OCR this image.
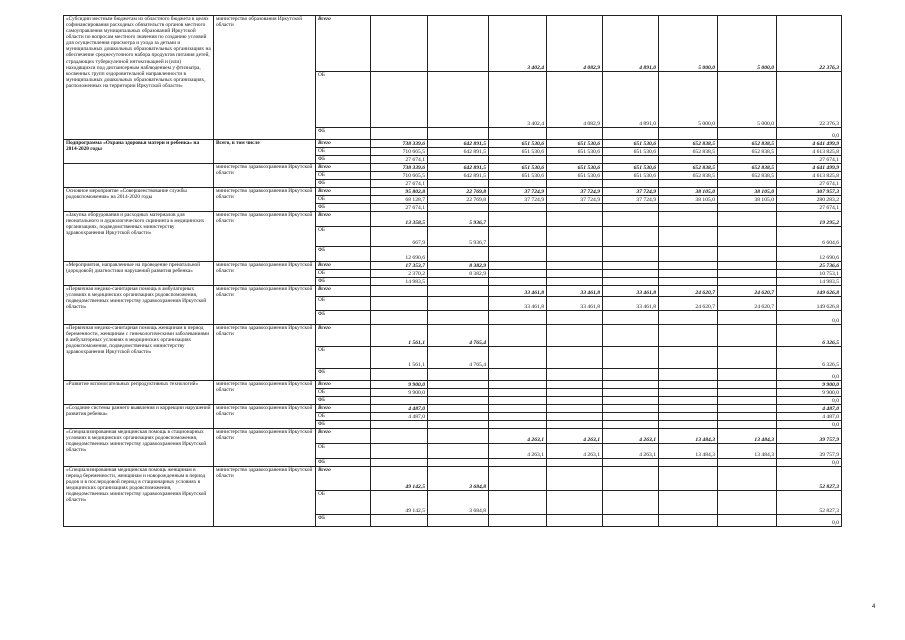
«Субсидии местным бюджетам из областного бюджета в целях софинансирования расходных обязательств органов местного самоуправления муниципальных образований Иркутской области по вопросам местного значения по созданию условий для осуществления присмотра и ухода за детьми и муниципальных дошкольных образовательных организациях на обеспечение среднесуточного набора продуктов питания детей, страдающих туберкулезной интоксикацией и (или) находящихся под диспансерным наблюдением у фтизиатра, косвенных групп оздоровительной направленности в муниципальных дошкольных образовательных организациях, расположенных на территории Иркутской области»	министерство образования Иркутской области	Всего			3 402,4	4 082,9	4 891,0	5 000,0	5 000,0	22 376,3
		ОБ			3 402,4	4 082,9	4 891,0	5 000,0	5 000,0	22 376,3
		ФБ								0,0
Подпрограмма «Охрана здоровья матери и ребенка» на 2014-2020 годы	Всего, в том числе	Всего	738 339,6	642 891,5	651 530,6	651 530,6	651 530,6	652 838,5	652 838,5	4 641 499,9
		ОБ	710 665,5	642 891,5	651 530,6	651 530,6	651 530,6	652 838,5	652 838,5	4 613 825,8
		ФБ	27 674,1							27 674,1
	министерство здравоохранения Иркутской области	Всего	738 339,6	642 891,5	651 530,6	651 530,6	651 530,6	652 838,5	652 838,5	4 641 499,9
		ОБ	710 665,5	642 891,5	651 530,6	651 530,6	651 530,6	652 838,5	652 838,5	4 613 825,8
		ФБ	27 674,1							27 674,1
Основное мероприятие «Совершенствование службы родовспоможения» на 2014-2020 годы	министерство здравоохранения Иркутской области	Всего	95 802,8	22 769,8	37 724,9	37 724,9	37 724,9	38 105,0	38 105,0	307 957,3
		ОБ	68 128,7	22 769,8	37 724,9	37 724,9	37 724,9	38 105,0	38 105,0	280 283,2
		ФБ	27 674,1							27 674,1
«Закупка оборудования и расходных материалов для неонатального и аудиологического скрининга в медицинских организациях, подведомственных министерству здравоохранения Иркутской области»	министерство здравоохранения Иркутской области	Всего	13 358,5	5 936,7						19 295,2
		ОБ	667,9	5 936,7						6 604,6
		ФБ	12 690,6							12 690,6
«Мероприятия, направленные на проведение пренатальной (дородовой) диагностики нарушений развития ребенка»	министерство здравоохранения Иркутской области	Всего	17 353,7	8 382,9						25 736,6
		ОБ	2 370,2	8 382,9						10 753,1
		ФБ	14 983,5							14 983,5
«Первичная медико-санитарная помощь в амбулаторных условиях в медицинских организациях родовспоможения, подведомственных министерству здравоохранения Иркутской области»	министерство здравоохранения Иркутской области	Всего			33 461,8	33 461,8	33 461,8	24 620,7	24 620,7	149 626,8
		ОБ			33 461,8	33 461,8	33 461,8	24 620,7	24 620,7	149 626,8
		ФБ								0,0
«Первичная медико-санитарная помощь женщинам в период беременности, женщинам с гинекологическими заболеваниями в амбулаторных условиях в медицинских организациях родовспоможения, подведомственных министерству здравоохранения Иркутской области»	министерство здравоохранения Иркутской области	Всего	1 561,1	4 765,4						6 326,5
		ОБ	1 561,1	4 765,4						6 326,5
		ФБ								0,0
«Развитие вспомогательных репродуктивных технологий»	министерство здравоохранения Иркутской области	Всего	9 900,0							9 900,0
		ОБ	9 900,0							9 900,0
		ФБ								0,0
«Создание системы раннего выявления и коррекции нарушений развития ребенка»	министерство здравоохранения Иркутской области	Всего	4 487,0							4 487,0
		ОБ	4 487,0							4 487,0
		ФБ								0,0
«Специализированная медицинская помощь в стационарных условиях в медицинских организациях родовспоможения, подведомственных министерству здравоохранения Иркутской области»	министерство здравоохранения Иркутской области	Всего			4 263,1	4 263,1	4 263,1	13 484,3	13 484,3	39 757,9
		ОБ			4 263,1	4 263,1	4 263,1	13 484,3	13 484,3	39 757,9
		ФБ								0,0
«Специализированная медицинская помощь женщинам в период беременности, женщинам и новорожденным в период родов и в послеродовой период в стационарных условиях в медицинских организациях родовспоможения, подведомственных министерству здравоохранения Иркутской области»	министерство здравоохранения Иркутской области	Всего	49 142,5	3 684,8						52 827,3
		ОБ	49 142,5	3 684,8						52 827,3
		ФБ								0,0
4
